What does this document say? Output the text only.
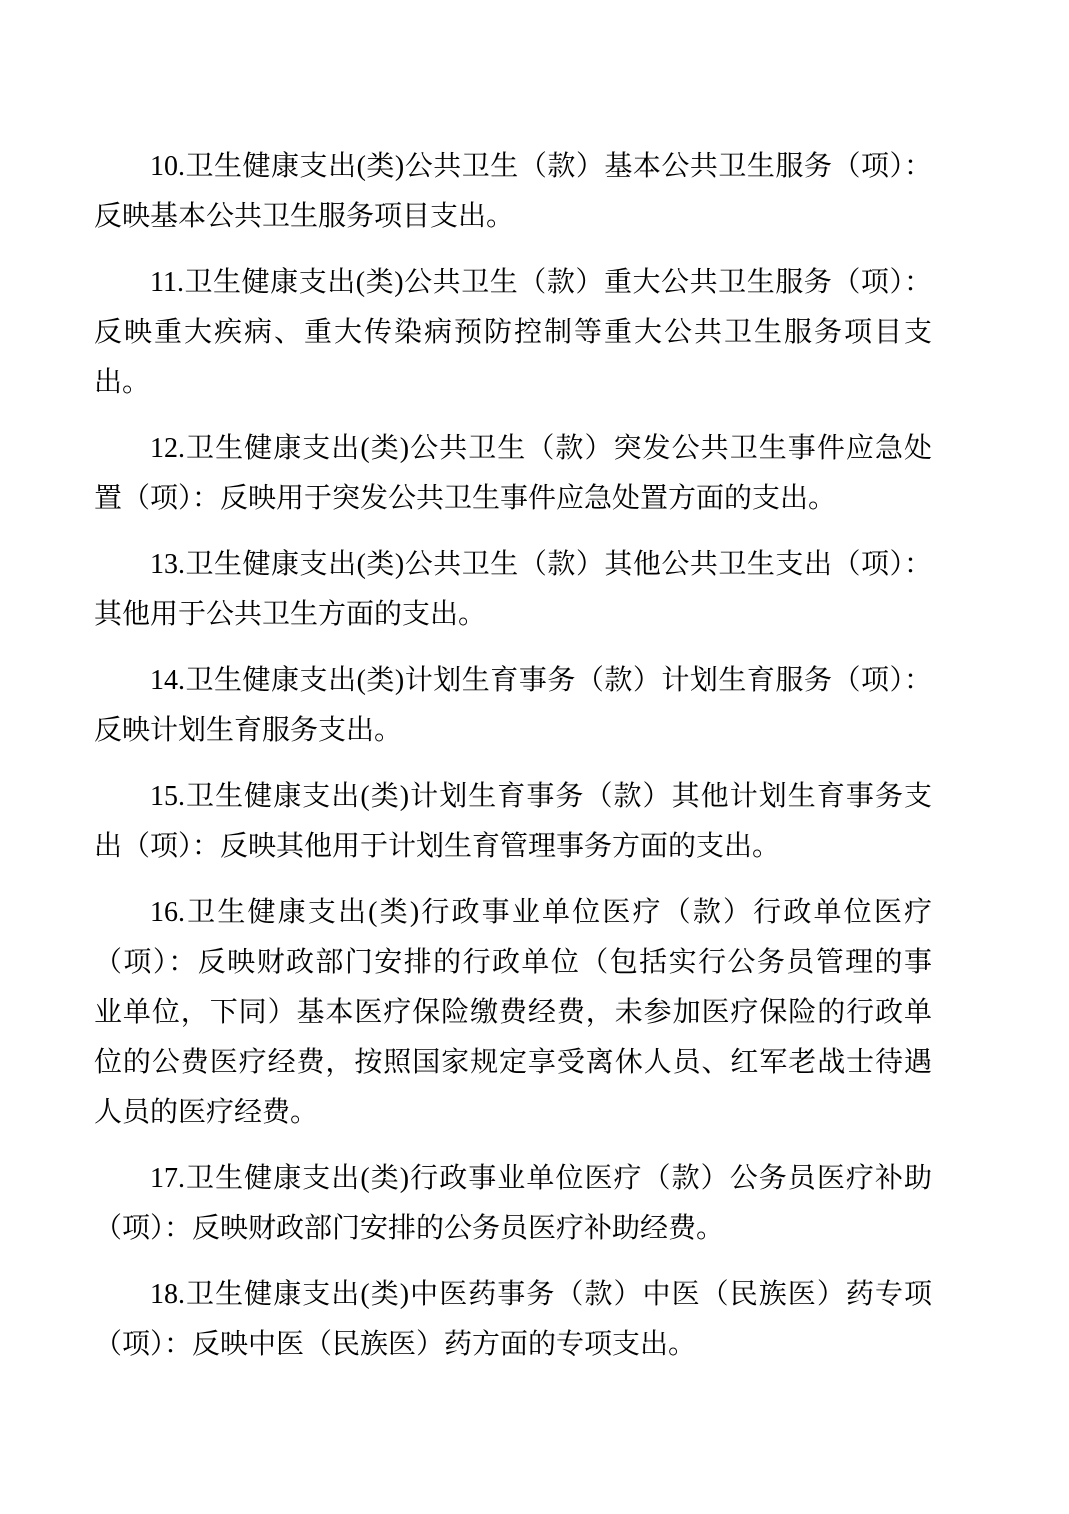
10.卫生健康支出(类)公共卫生（款）基本公共卫生服务（项）：
反映基本公共卫生服务项目支出。

11.卫生健康支出(类)公共卫生（款）重大公共卫生服务（项）：
反映重大疾病、重大传染病预防控制等重大公共卫生服务项目支
出。

12.卫生健康支出(类)公共卫生（款）突发公共卫生事件应急处
置（项）：反映用于突发公共卫生事件应急处置方面的支出。

13.卫生健康支出(类)公共卫生（款）其他公共卫生支出（项）：
其他用于公共卫生方面的支出。

14.卫生健康支出(类)计划生育事务（款）计划生育服务（项）：
反映计划生育服务支出。

15.卫生健康支出(类)计划生育事务（款）其他计划生育事务支
出（项）：反映其他用于计划生育管理事务方面的支出。

16.卫生健康支出(类)行政事业单位医疗（款）行政单位医疗
（项）：反映财政部门安排的行政单位（包括实行公务员管理的事
业单位，下同）基本医疗保险缴费经费，未参加医疗保险的行政单
位的公费医疗经费，按照国家规定享受离休人员、红军老战士待遇
人员的医疗经费。

17.卫生健康支出(类)行政事业单位医疗（款）公务员医疗补助
（项）：反映财政部门安排的公务员医疗补助经费。

18.卫生健康支出(类)中医药事务（款）中医（民族医）药专项
（项）：反映中医（民族医）药方面的专项支出。
